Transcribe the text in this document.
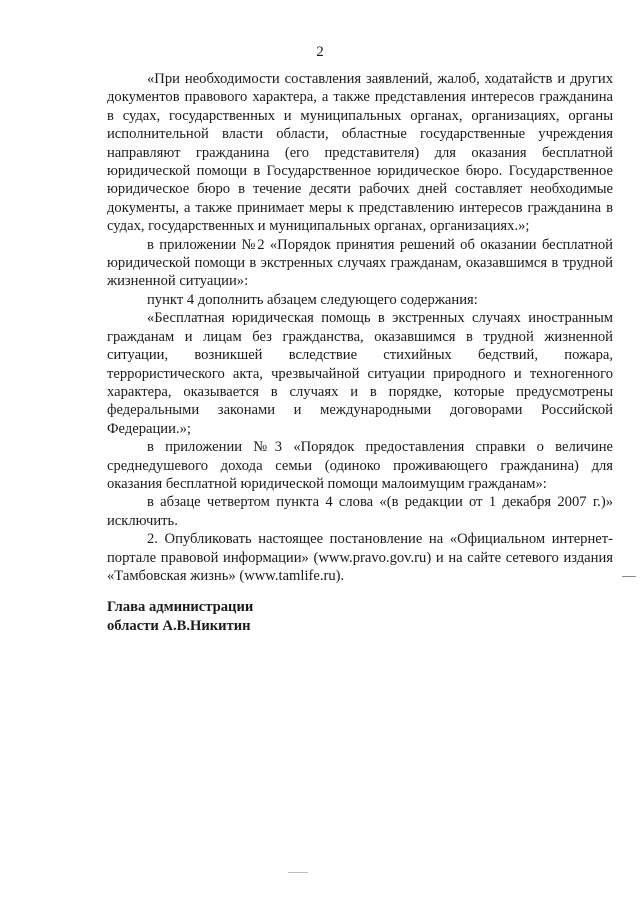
2

«При необходимости составления заявлений, жалоб, ходатайств и других документов правового характера, а также представления интересов гражданина в судах, государственных и муниципальных органах, организациях, органы исполнительной власти области, областные государственные учреждения направляют гражданина (его представителя) для оказания бесплатной юридической помощи в Государственное юридическое бюро. Государственное юридическое бюро в течение десяти рабочих дней составляет необходимые документы, а также принимает меры к представлению интересов гражданина в судах, государственных и муниципальных органах, организациях.»;

в приложении №2 «Порядок принятия решений об оказании бесплатной юридической помощи в экстренных случаях гражданам, оказавшимся в трудной жизненной ситуации»:

пункт 4 дополнить абзацем следующего содержания:

«Бесплатная юридическая помощь в экстренных случаях иностранным гражданам и лицам без гражданства, оказавшимся в трудной жизненной ситуации, возникшей вследствие стихийных бедствий, пожара, террористического акта, чрезвычайной ситуации природного и техногенного характера, оказывается в случаях и в порядке, которые предусмотрены федеральными законами и международными договорами Российской Федерации.»;

в приложении №3 «Порядок предоставления справки о величине среднедушевого дохода семьи (одиноко проживающего гражданина) для оказания бесплатной юридической помощи малоимущим гражданам»:

в абзаце четвертом пункта 4 слова «(в редакции от 1 декабря 2007 г.)» исключить.

2. Опубликовать настоящее постановление на «Официальном интернет-портале правовой информации» (www.pravo.gov.ru) и на сайте сетевого издания «Тамбовская жизнь» (www.tamlife.ru).

Глава администрации
области А.В.Никитин
